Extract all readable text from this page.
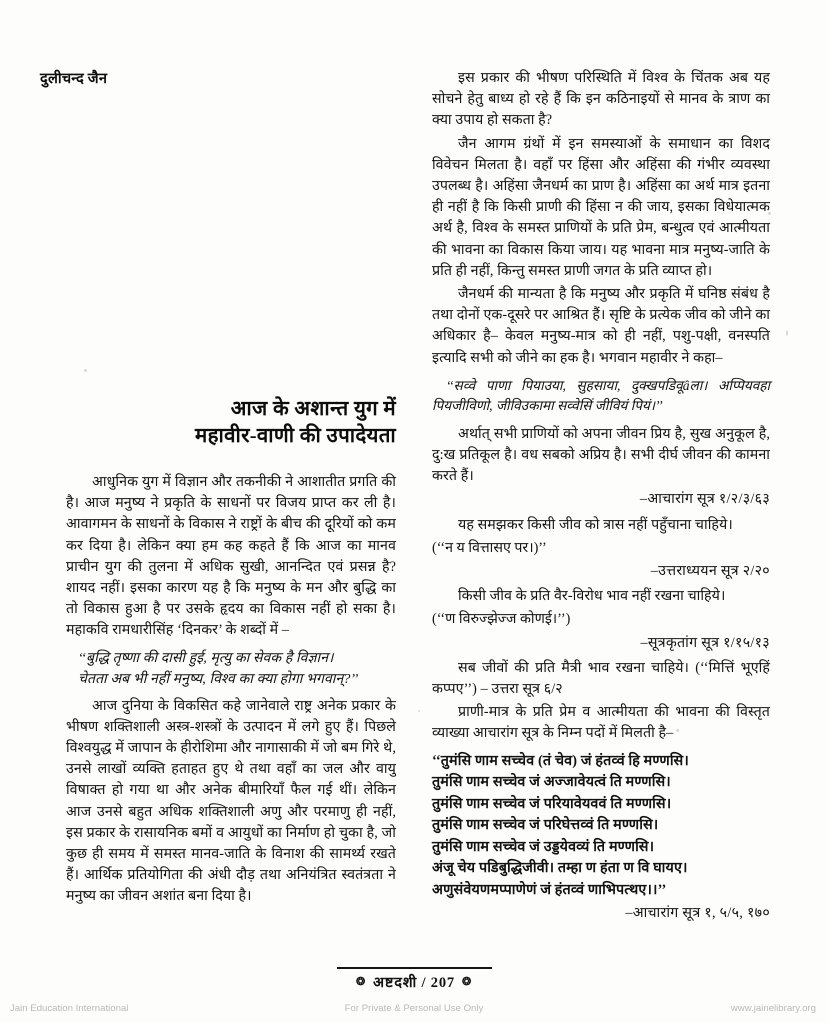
दुलीचन्द जैन
आज के अशान्त युग में
महावीर-वाणी की उपादेयता

आधुनिक युग में विज्ञान और तकनीकी ने आशातीत प्रगति की है। आज मनुष्य ने प्रकृति के साधनों पर विजय प्राप्त कर ली है। आवागमन के साधनों के विकास ने राष्ट्रों के बीच की दूरियों को कम कर दिया है। लेकिन क्या हम कह कहते हैं कि आज का मानव प्राचीन युग की तुलना में अधिक सुखी, आनन्दित एवं प्रसन्न है? शायद नहीं। इसका कारण यह है कि मनुष्य के मन और बुद्धि का तो विकास हुआ है पर उसके हृदय का विकास नहीं हो सका है। महाकवि रामधारीसिंह ‘दिनकर’ के शब्दों में –

‘‘बुद्धि तृष्णा की दासी हुई, मृत्यु का सेवक है विज्ञान।
चेतता अब भी नहीं मनुष्य, विश्व का क्या होगा भगवान्?’’

आज दुनिया के विकसित कहे जानेवाले राष्ट्र अनेक प्रकार के भीषण शक्तिशाली अस्त्र-शस्त्रों के उत्पादन में लगे हुए हैं। पिछले विश्वयुद्ध में जापान के हीरोशिमा और नागासाकी में जो बम गिरे थे, उनसे लाखों व्यक्ति हताहत हुए थे तथा वहाँ का जल और वायु विषाक्त हो गया था और अनेक बीमारियाँ फैल गई थीं। लेकिन आज उनसे बहुत अधिक शक्तिशाली अणु और परमाणु ही नहीं, इस प्रकार के रासायनिक बमों व आयुधों का निर्माण हो चुका है, जो कुछ ही समय में समस्त मानव-जाति के विनाश की सामर्थ्य रखते हैं। आर्थिक प्रतियोगिता की अंधी दौड़ तथा अनियंत्रित स्वतंत्रता ने मनुष्य का जीवन अशांत बना दिया है।

इस प्रकार की भीषण परिस्थिति में विश्व के चिंतक अब यह सोचने हेतु बाध्य हो रहे हैं कि इन कठिनाइयों से मानव के त्राण का क्या उपाय हो सकता है?

जैन आगम ग्रंथों में इन समस्याओं के समाधान का विशद विवेचन मिलता है। वहाँ पर हिंसा और अहिंसा की गंभीर व्यवस्था उपलब्ध है। अहिंसा जैनधर्म का प्राण है। अहिंसा का अर्थ मात्र इतना ही नहीं है कि किसी प्राणी की हिंसा न की जाय, इसका विधेयात्मक अर्थ है, विश्व के समस्त प्राणियों के प्रति प्रेम, बन्धुत्व एवं आत्मीयता की भावना का विकास किया जाय। यह भावना मात्र मनुष्य-जाति के प्रति ही नहीं, किन्तु समस्त प्राणी जगत के प्रति व्याप्त हो।

जैनधर्म की मान्यता है कि मनुष्य और प्रकृति में घनिष्ठ संबंध है तथा दोनों एक-दूसरे पर आश्रित हैं। सृष्टि के प्रत्येक जीव को जीने का अधिकार है– केवल मनुष्य-मात्र को ही नहीं, पशु-पक्षी, वनस्पति इत्यादि सभी को जीने का हक है। भगवान महावीर ने कहा–

‘‘सव्वे पाणा पियाउया, सुहसाया, दुक्खपडिवूâला। अप्पियवहा पियजीविणो, जीविउकामा सव्वेसिं जीवियं पियं।’’

अर्थात् सभी प्राणियों को अपना जीवन प्रिय है, सुख अनुकूल है, दु:ख प्रतिकूल है। वध सबको अप्रिय है। सभी दीर्घ जीवन की कामना करते हैं।

–आचारांग सूत्र १/२/३/६३

यह समझकर किसी जीव को त्रास नहीं पहुँचाना चाहिये।

(‘‘न य वित्तासए पर।)’’

–उत्तराध्ययन सूत्र २/२०

किसी जीव के प्रति वैर-विरोध भाव नहीं रखना चाहिये।

(‘‘ण विरुज्झेज्ज कोणई।’’)

–सूत्रकृतांग सूत्र १/१५/१३

सब जीवों की प्रति मैत्री भाव रखना चाहिये। (‘‘मित्तिं भूएहिं कप्पए’’) – उत्तरा सूत्र ६/२

प्राणी-मात्र के प्रति प्रेम व आत्मीयता की भावना की विस्तृत व्याख्या आचारांग सूत्र के निम्न पदों में मिलती है–

‘‘तुमंसि णाम सच्चेव (तं चेव) जं हंतव्वं हि मण्णसि।
तुमंसि णाम सच्चेव जं अज्जावेयत्वं ति मण्णसि।
तुमंसि णाम सच्चेव जं परियावेयववं ति मण्णसि।
तुमंसि णाम सच्चेव जं परिघेत्तव्वं ति मण्णसि।
तुमंसि णाम सच्चेव जं उड्डयेवव्यं ति मण्णसि।
अंजू चेय पडिबुद्धिजीवी। तम्हा ण हंता ण वि घायए।
अणुसंवेयणमप्पाणेणं जं हंतव्वं णाभिपत्थए।।’’

–आचारांग सूत्र १, ५/५, १७०

❂ अष्टदशी / 207 ❂
Jain Education International	For Private & Personal Use Only	www.jainelibrary.org
